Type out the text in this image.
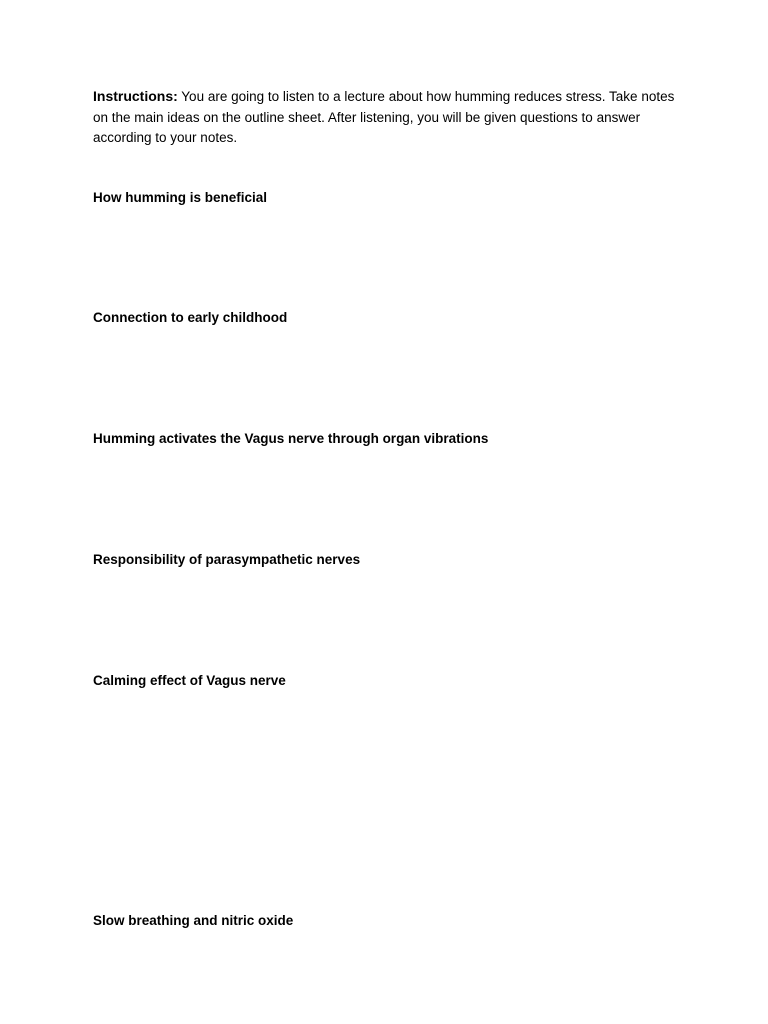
Instructions: You are going to listen to a lecture about how humming reduces stress. Take notes on the main ideas on the outline sheet. After listening, you will be given questions to answer according to your notes.

How humming is beneficial
Connection to early childhood
Humming activates the Vagus nerve through organ vibrations
Responsibility of parasympathetic nerves
Calming effect of Vagus nerve
Slow breathing and nitric oxide
